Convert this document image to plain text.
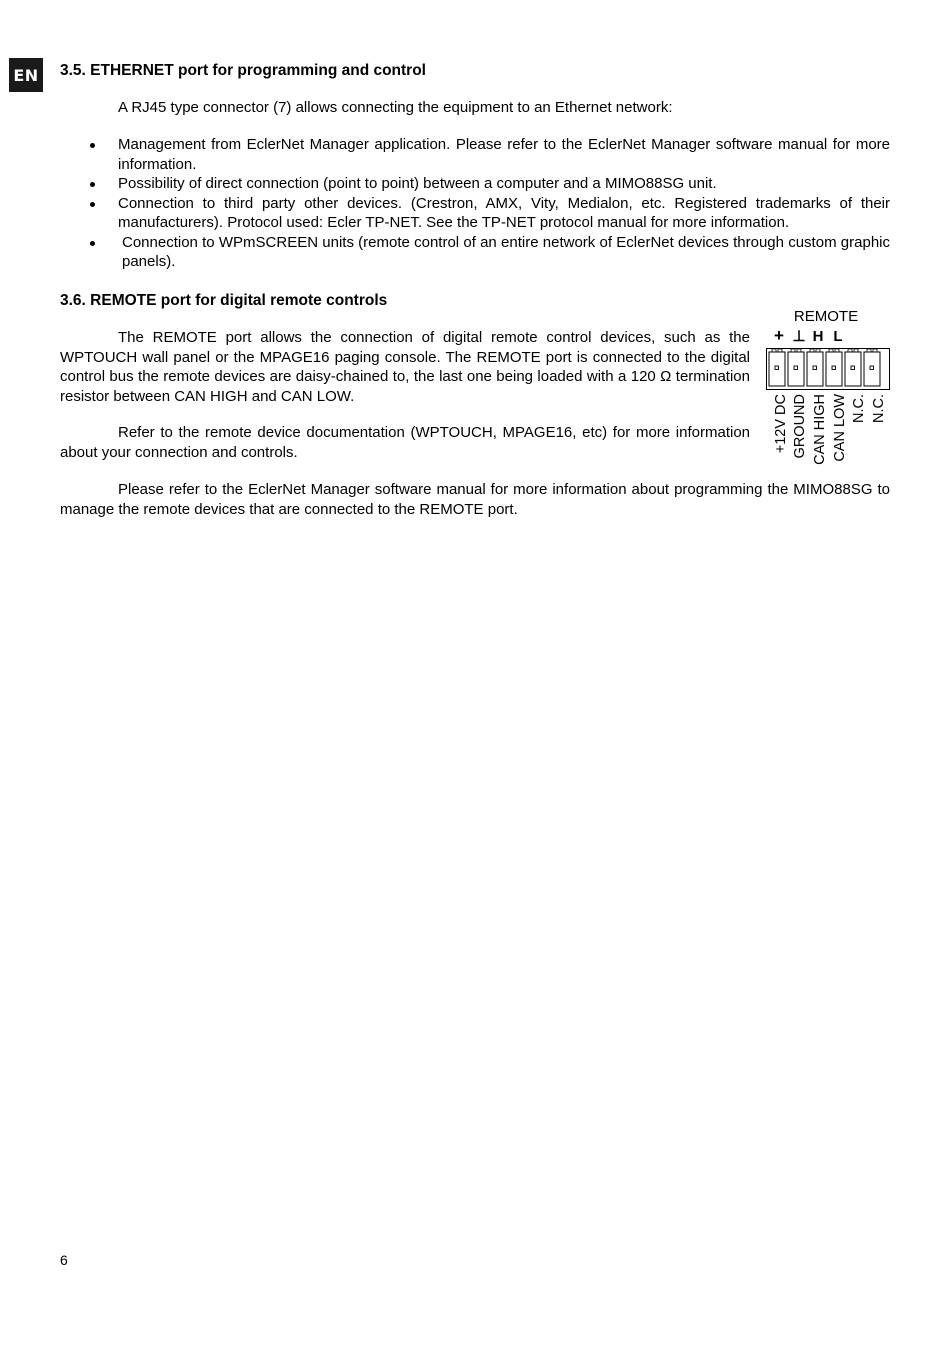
EN 3.5. ETHERNET port for programming and control
A RJ45 type connector (7) allows connecting the equipment to an Ethernet network:
Management from EclerNet Manager application. Please refer to the EclerNet Manager software manual for more information.
Possibility of direct connection (point to point) between a computer and a MIMO88SG unit.
Connection to third party other devices. (Crestron, AMX, Vity, Medialon, etc. Registered trademarks of their manufacturers). Protocol used: Ecler TP-NET. See the TP-NET protocol manual for more information.
Connection to WPmSCREEN units (remote control of an entire network of EclerNet devices through custom graphic panels).
3.6. REMOTE port for digital remote controls
The REMOTE port allows the connection of digital remote control devices, such as the WPTOUCH wall panel or the MPAGE16 paging console. The REMOTE port is connected to the digital control bus the remote devices are daisy-chained to, the last one being loaded with a 120 Ω termination resistor between CAN HIGH and CAN LOW.
Refer to the remote device documentation (WPTOUCH, MPAGE16, etc) for more information about your connection and controls.
Please refer to the EclerNet Manager software manual for more information about programming the MIMO88SG to manage the remote devices that are connected to the REMOTE port.
REMOTE
+ ⊥ H L
+12V DC GROUND CAN HIGH CAN LOW N.C. N.C.
6
